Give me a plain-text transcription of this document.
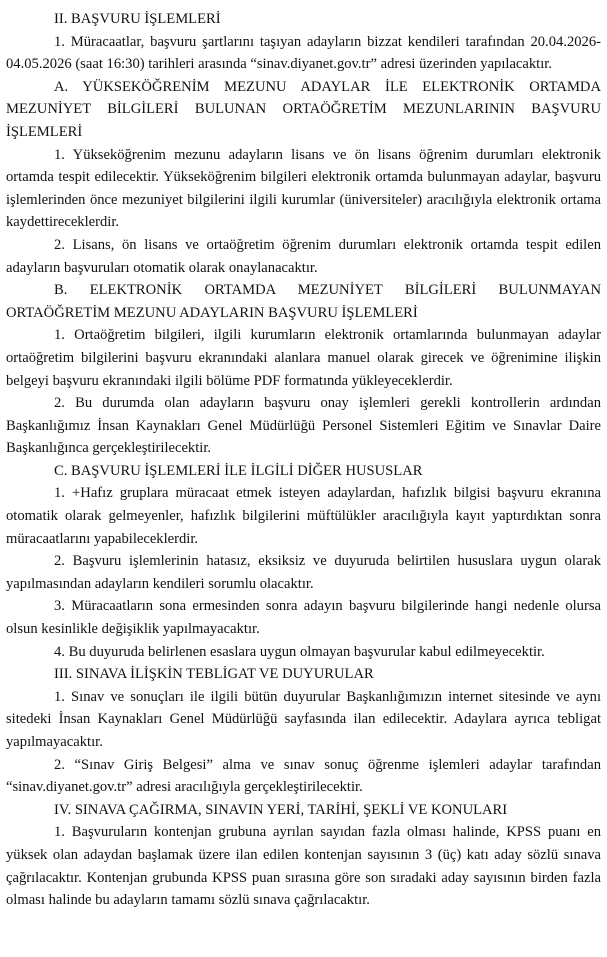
II. BAŞVURU İŞLEMLERİ

1. Müracaatlar, başvuru şartlarını taşıyan adayların bizzat kendileri tarafından 20.04.2026-04.05.2026 (saat 16:30) tarihleri arasında “sinav.diyanet.gov.tr” adresi üzerinden yapılacaktır.

A. YÜKSEKÖĞRENİM MEZUNU ADAYLAR İLE ELEKTRONİK ORTAMDA MEZUNİYET BİLGİLERİ BULUNAN ORTAÖĞRETİM MEZUNLARININ BAŞVURU İŞLEMLERİ

1. Yükseköğrenim mezunu adayların lisans ve ön lisans öğrenim durumları elektronik ortamda tespit edilecektir. Yükseköğrenim bilgileri elektronik ortamda bulunmayan adaylar, başvuru işlemlerinden önce mezuniyet bilgilerini ilgili kurumlar (üniversiteler) aracılığıyla elektronik ortama kaydettireceklerdir.

2. Lisans, ön lisans ve ortaöğretim öğrenim durumları elektronik ortamda tespit edilen adayların başvuruları otomatik olarak onaylanacaktır.

B. ELEKTRONİK ORTAMDA MEZUNİYET BİLGİLERİ BULUNMAYAN ORTAÖĞRETİM MEZUNU ADAYLARIN BAŞVURU İŞLEMLERİ

1. Ortaöğretim bilgileri, ilgili kurumların elektronik ortamlarında bulunmayan adaylar ortaöğretim bilgilerini başvuru ekranındaki alanlara manuel olarak girecek ve öğrenimine ilişkin belgeyi başvuru ekranındaki ilgili bölüme PDF formatında yükleyeceklerdir.

2. Bu durumda olan adayların başvuru onay işlemleri gerekli kontrollerin ardından Başkanlığımız İnsan Kaynakları Genel Müdürlüğü Personel Sistemleri Eğitim ve Sınavlar Daire Başkanlığınca gerçekleştirilecektir.

C. BAŞVURU İŞLEMLERİ İLE İLGİLİ DİĞER HUSUSLAR

1. +Hafız gruplara müracaat etmek isteyen adaylardan, hafızlık bilgisi başvuru ekranına otomatik olarak gelmeyenler, hafızlık bilgilerini müftülükler aracılığıyla kayıt yaptırdıktan sonra müracaatlarını yapabileceklerdir.

2. Başvuru işlemlerinin hatasız, eksiksiz ve duyuruda belirtilen hususlara uygun olarak yapılmasından adayların kendileri sorumlu olacaktır.

3. Müracaatların sona ermesinden sonra adayın başvuru bilgilerinde hangi nedenle olursa olsun kesinlikle değişiklik yapılmayacaktır.

4. Bu duyuruda belirlenen esaslara uygun olmayan başvurular kabul edilmeyecektir.

III. SINAVA İLİŞKİN TEBLİGAT VE DUYURULAR

1. Sınav ve sonuçları ile ilgili bütün duyurular Başkanlığımızın internet sitesinde ve aynı sitedeki İnsan Kaynakları Genel Müdürlüğü sayfasında ilan edilecektir. Adaylara ayrıca tebligat yapılmayacaktır.

2. “Sınav Giriş Belgesi” alma ve sınav sonuç öğrenme işlemleri adaylar tarafından “sinav.diyanet.gov.tr” adresi aracılığıyla gerçekleştirilecektir.

IV. SINAVA ÇAĞIRMA, SINAVIN YERİ, TARİHİ, ŞEKLİ VE KONULARI

1. Başvuruların kontenjan grubuna ayrılan sayıdan fazla olması halinde, KPSS puanı en yüksek olan adaydan başlamak üzere ilan edilen kontenjan sayısının 3 (üç) katı aday sözlü sınava çağrılacaktır. Kontenjan grubunda KPSS puan sırasına göre son sıradaki aday sayısının birden fazla olması halinde bu adayların tamamı sözlü sınava çağrılacaktır.
